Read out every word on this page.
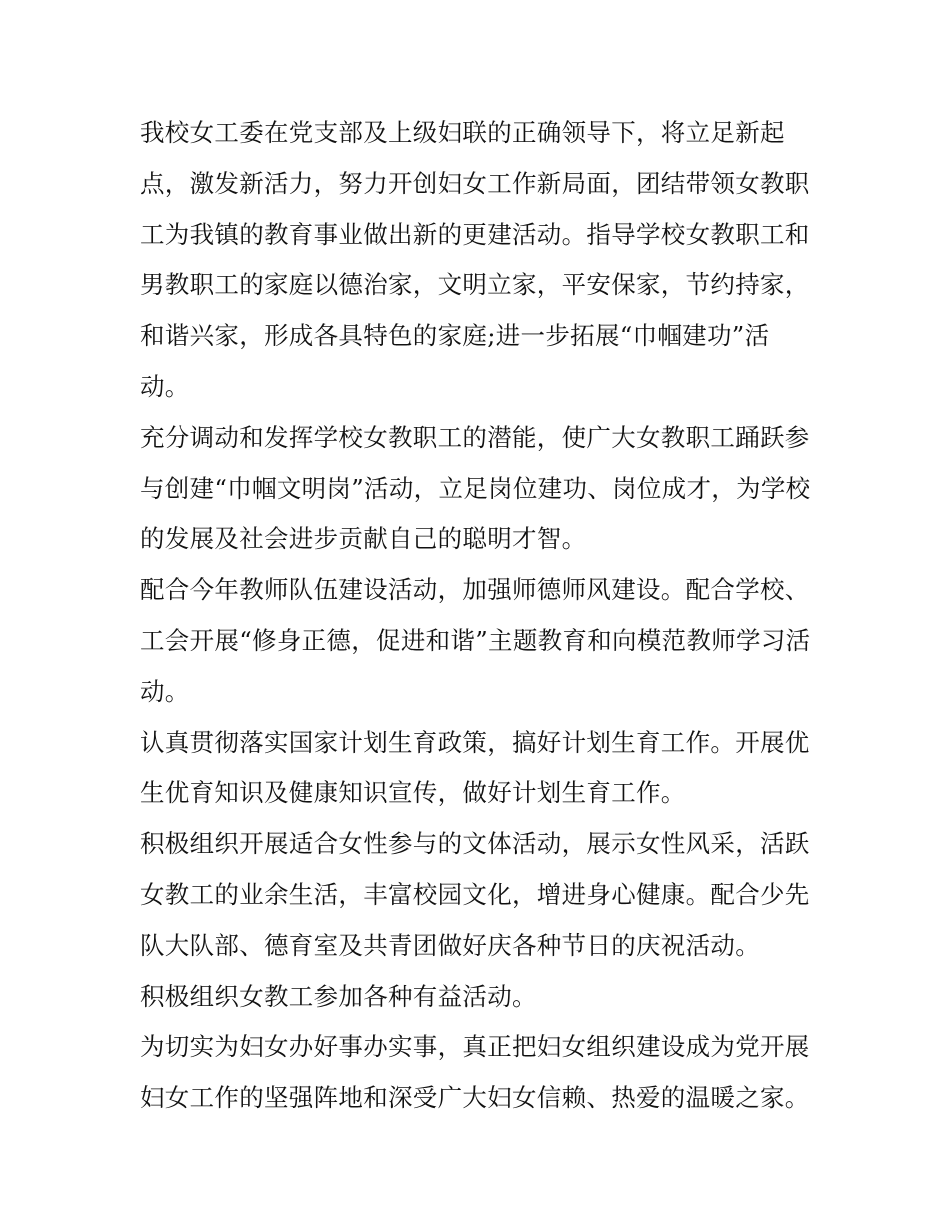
我校女工委在党支部及上级妇联的正确领导下，将立足新起
点，激发新活力，努力开创妇女工作新局面，团结带领女教职
工为我镇的教育事业做出新的更建活动。指导学校女教职工和
男教职工的家庭以德治家，文明立家，平安保家，节约持家，
和谐兴家，形成各具特色的家庭;进一步拓展“巾帼建功”活
动。

充分调动和发挥学校女教职工的潜能，使广大女教职工踊跃参
与创建“巾帼文明岗”活动，立足岗位建功、岗位成才，为学校
的发展及社会进步贡献自己的聪明才智。

配合今年教师队伍建设活动，加强师德师风建设。配合学校、
工会开展“修身正德，促进和谐”主题教育和向模范教师学习活
动。

认真贯彻落实国家计划生育政策，搞好计划生育工作。开展优
生优育知识及健康知识宣传，做好计划生育工作。

积极组织开展适合女性参与的文体活动，展示女性风采，活跃
女教工的业余生活，丰富校园文化，增进身心健康。配合少先
队大队部、德育室及共青团做好庆各种节日的庆祝活动。

积极组织女教工参加各种有益活动。

为切实为妇女办好事办实事，真正把妇女组织建设成为党开展
妇女工作的坚强阵地和深受广大妇女信赖、热爱的温暖之家。
